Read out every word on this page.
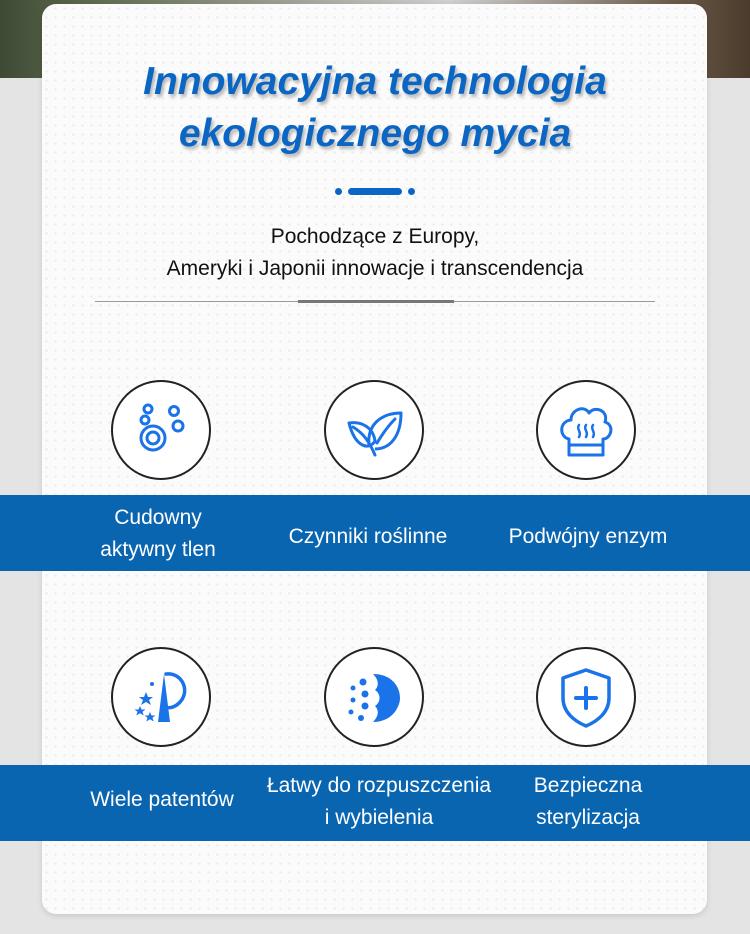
Innowacyjna technologia
ekologicznego mycia
Pochodzące z Europy,
Ameryki i Japonii innowacje i transcendencja
Cudowny
aktywny tlen
Czynniki roślinne	Podwójny enzym
Wiele patentów
Łatwy do rozpuszczenia
i wybielenia
Bezpieczna
sterylizacja
